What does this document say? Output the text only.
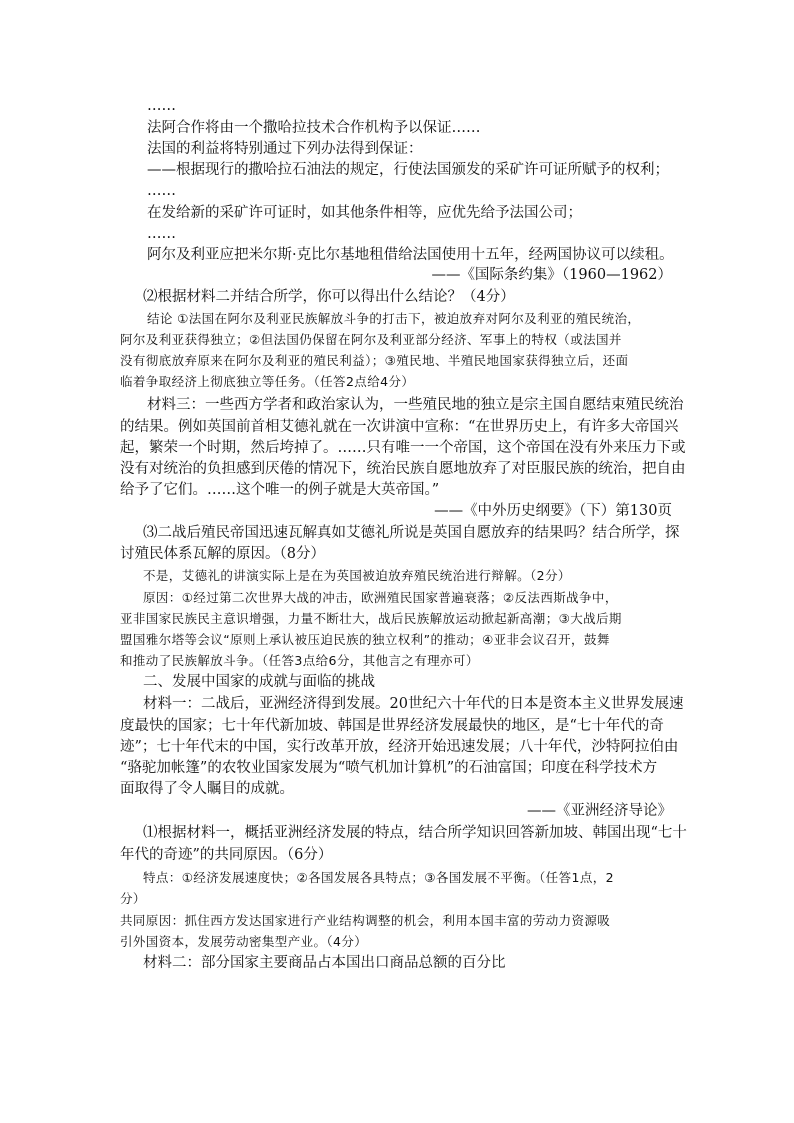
……
法阿合作将由一个撒哈拉技术合作机构予以保证……
法国的利益将特别通过下列办法得到保证：
——根据现行的撒哈拉石油法的规定，行使法国颁发的采矿许可证所赋予的权利；
……
在发给新的采矿许可证时，如其他条件相等，应优先给予法国公司；
……
阿尔及利亚应把米尔斯·克比尔基地租借给法国使用十五年，经两国协议可以续租。
——《国际条约集》（1960—1962）
⑵根据材料二并结合所学，你可以得出什么结论？（4分）
结论 ①法国在阿尔及利亚民族解放斗争的打击下，被迫放弃对阿尔及利亚的殖民统治，
阿尔及利亚获得独立；②但法国仍保留在阿尔及利亚部分经济、军事上的特权（或法国并
没有彻底放弃原来在阿尔及利亚的殖民利益）；③殖民地、半殖民地国家获得独立后，还面
临着争取经济上彻底独立等任务。（任答2点给4分）
材料三：一些西方学者和政治家认为，一些殖民地的独立是宗主国自愿结束殖民统治
的结果。例如英国前首相艾德礼就在一次讲演中宣称：“在世界历史上，有许多大帝国兴
起，繁荣一个时期，然后垮掉了。……只有唯一一个帝国，这个帝国在没有外来压力下或
没有对统治的负担感到厌倦的情况下，统治民族自愿地放弃了对臣服民族的统治，把自由
给予了它们。……这个唯一的例子就是大英帝国。”
——《中外历史纲要》（下）第130页
⑶二战后殖民帝国迅速瓦解真如艾德礼所说是英国自愿放弃的结果吗？结合所学，探
讨殖民体系瓦解的原因。（8分）
不是，艾德礼的讲演实际上是在为英国被迫放弃殖民统治进行辩解。（2分）
原因：①经过第二次世界大战的冲击，欧洲殖民国家普遍衰落；②反法西斯战争中，
亚非国家民族民主意识增强，力量不断壮大，战后民族解放运动掀起新高潮；③大战后期
盟国雅尔塔等会议“原则上承认被压迫民族的独立权利”的推动；④亚非会议召开，鼓舞
和推动了民族解放斗争。（任答3点给6分，其他言之有理亦可）
二、发展中国家的成就与面临的挑战
材料一：二战后，亚洲经济得到发展。20世纪六十年代的日本是资本主义世界发展速
度最快的国家；七十年代新加坡、韩国是世界经济发展最快的地区，是“七十年代的奇
迹”；七十年代末的中国，实行改革开放，经济开始迅速发展；八十年代，沙特阿拉伯由
“骆驼加帐篷”的农牧业国家发展为“喷气机加计算机”的石油富国；印度在科学技术方
面取得了令人瞩目的成就。
——《亚洲经济导论》
⑴根据材料一，概括亚洲经济发展的特点，结合所学知识回答新加坡、韩国出现“七十
年代的奇迹”的共同原因。（6分）
特点：①经济发展速度快；②各国发展各具特点；③各国发展不平衡。（任答1点，2
分）
共同原因：抓住西方发达国家进行产业结构调整的机会，利用本国丰富的劳动力资源吸
引外国资本，发展劳动密集型产业。（4分）
材料二：部分国家主要商品占本国出口商品总额的百分比
